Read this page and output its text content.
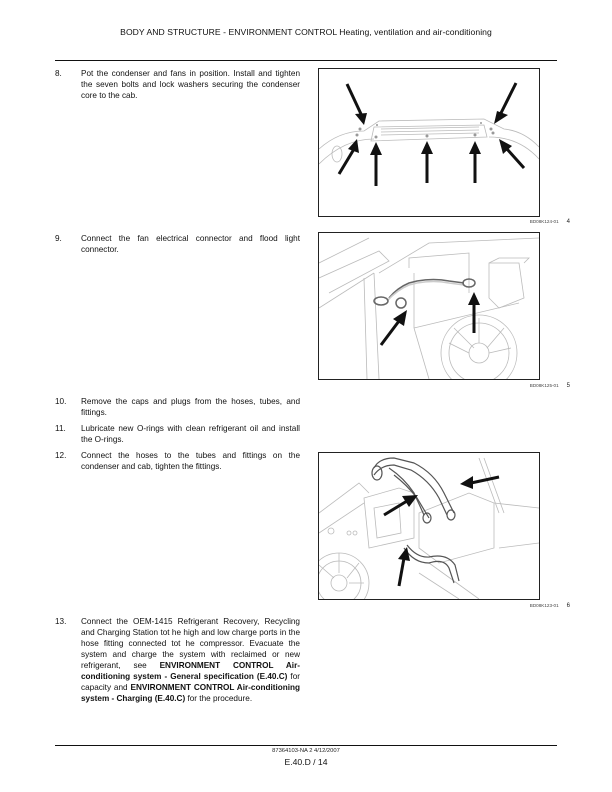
BODY AND STRUCTURE - ENVIRONMENT CONTROL Heating, ventilation and air-conditioning
8.	Pot the condenser and fans in position. Install and tighten the seven bolts and lock washers securing the condenser core to the cab.
BD08K124-01 4
9.	Connect the fan electrical connector and flood light connector.
BD08K125-01 5
10.	Remove the caps and plugs from the hoses, tubes, and fittings.
11.	Lubricate new O-rings with clean refrigerant oil and install the O-rings.
12.	Connect the hoses to the tubes and fittings on the condenser and cab, tighten the fittings.
BD08K123-01 6
13.	Connect the OEM-1415 Refrigerant Recovery, Recycling and Charging Station tot he high and low charge ports in the hose fitting connected tot he compressor. Evacuate the system and charge the system with reclaimed or new refrigerant, see ENVIRONMENT CONTROL Air-conditioning system - General specification (E.40.C) for capacity and ENVIRONMENT CONTROL Air-conditioning system - Charging (E.40.C) for the procedure.
87364103-NA 2 4/12/2007
E.40.D / 14
